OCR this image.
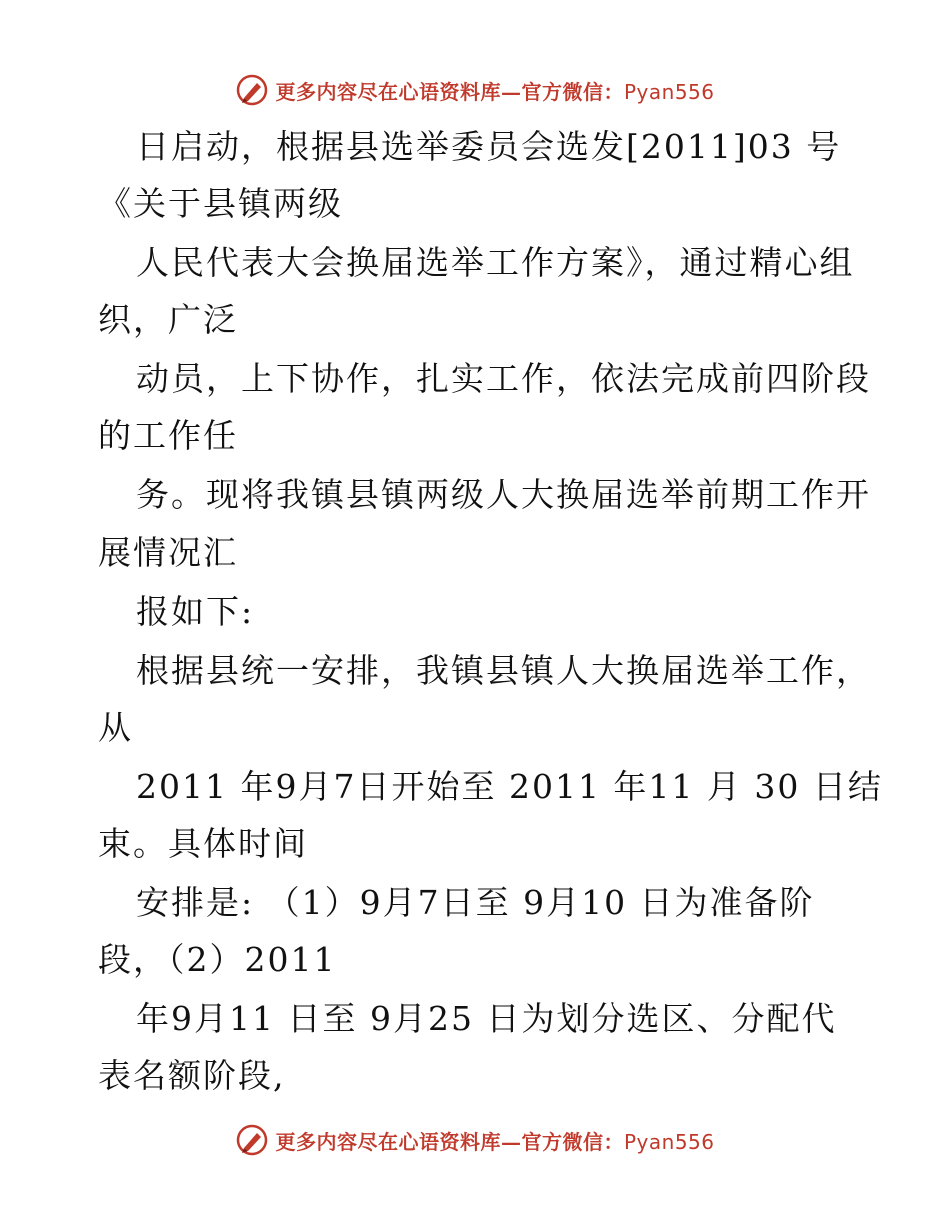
更多内容尽在心语资料库—官方微信：Pyan556

日启动，根据县选举委员会选发[2011]03 号

《关于县镇两级

人民代表大会换届选举工作方案》，通过精心组

织，广泛

动员，上下协作，扎实工作，依法完成前四阶段

的工作任

务。现将我镇县镇两级人大换届选举前期工作开

展情况汇

报如下:

根据县统一安排，我镇县镇人大换届选举工作，

从

2011 年9月7日开始至 2011 年11 月 30 日结

束。具体时间

安排是: （1）9月7日至 9月10 日为准备阶

段，（2）2011

年9月11 日至 9月25 日为划分选区、分配代

表名额阶段,

更多内容尽在心语资料库—官方微信：Pyan556
